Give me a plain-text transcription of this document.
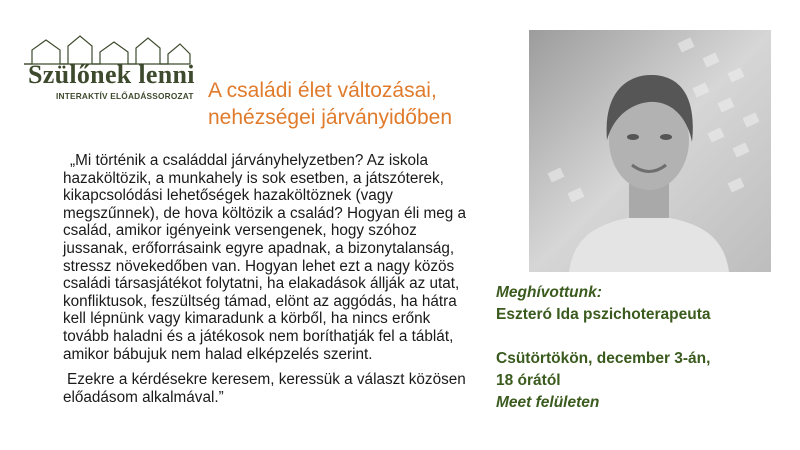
Szülőnek lenni
INTERAKTÍV ELŐADÁSSOROZAT A családi élet változásai,
nehézségei járványidőben

„Mi történik a családdal járványhelyzetben? Az iskola hazaköltözik, a munkahely is sok esetben, a játszóterek, kikapcsolódási lehetőségek hazaköltöznek (vagy megszűnnek), de hova költözik a család? Hogyan éli meg a család, amikor igényeink versengenek, hogy szóhoz jussanak, erőforrásaink egyre apadnak, a bizonytalanság, stressz növekedőben van. Hogyan lehet ezt a nagy közös családi társasjátékot folytatni, ha elakadások állják az utat, konfliktusok, feszültség támad, elönt az aggódás, ha hátra kell lépnünk vagy kimaradunk a körből, ha nincs erőnk tovább haladni és a játékosok nem boríthatják fel a táblát, amikor bábujuk nem halad elképzelés szerint.

Ezekre a kérdésekre keresem, keressük a választ közösen előadásom alkalmával.”

Meghívottunk:
Eszteró Ida pszichoterapeuta
Csütörtökön, december 3-án,
18 órától
Meet felületen
